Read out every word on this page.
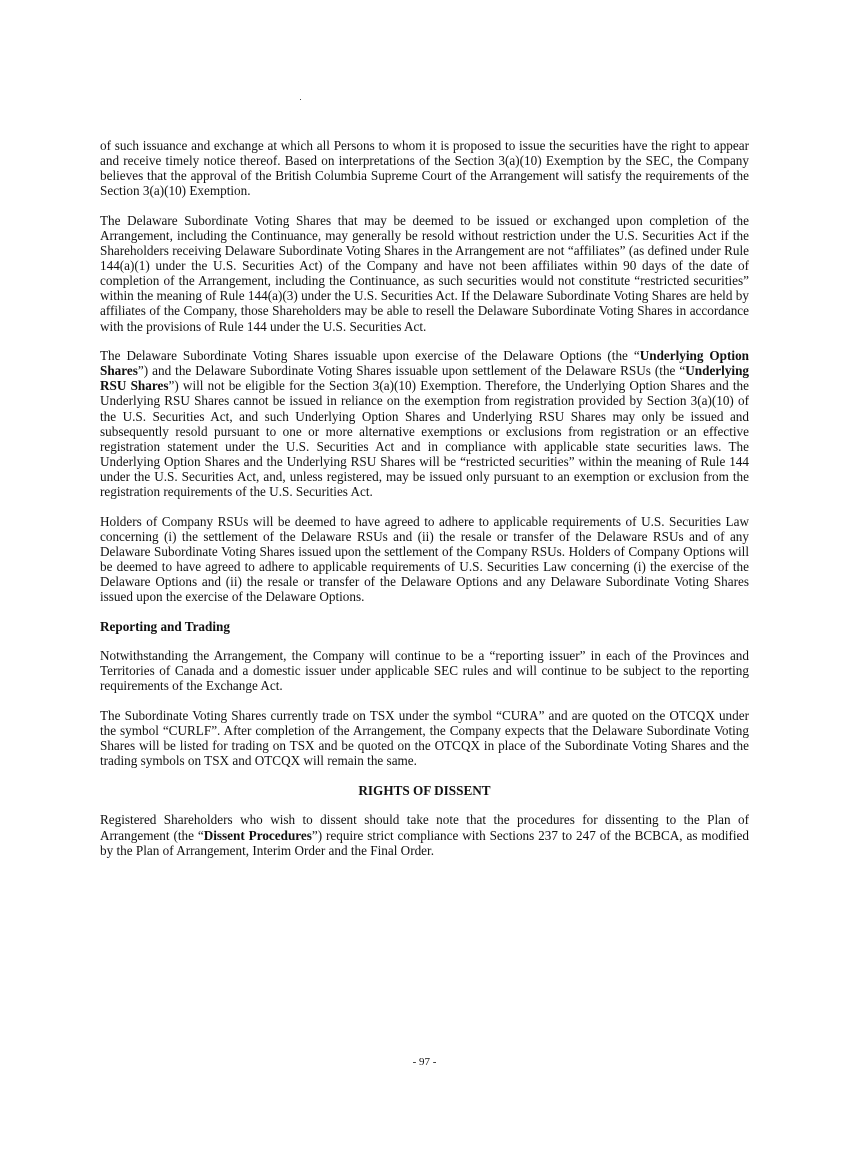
of such issuance and exchange at which all Persons to whom it is proposed to issue the securities have the right to appear and receive timely notice thereof. Based on interpretations of the Section 3(a)(10) Exemption by the SEC, the Company believes that the approval of the British Columbia Supreme Court of the Arrangement will satisfy the requirements of the Section 3(a)(10) Exemption.

The Delaware Subordinate Voting Shares that may be deemed to be issued or exchanged upon completion of the Arrangement, including the Continuance, may generally be resold without restriction under the U.S. Securities Act if the Shareholders receiving Delaware Subordinate Voting Shares in the Arrangement are not “affiliates” (as defined under Rule 144(a)(1) under the U.S. Securities Act) of the Company and have not been affiliates within 90 days of the date of completion of the Arrangement, including the Continuance, as such securities would not constitute “restricted securities” within the meaning of Rule 144(a)(3) under the U.S. Securities Act. If the Delaware Subordinate Voting Shares are held by affiliates of the Company, those Shareholders may be able to resell the Delaware Subordinate Voting Shares in accordance with the provisions of Rule 144 under the U.S. Securities Act.

The Delaware Subordinate Voting Shares issuable upon exercise of the Delaware Options (the “Underlying Option Shares”) and the Delaware Subordinate Voting Shares issuable upon settlement of the Delaware RSUs (the “Underlying RSU Shares”) will not be eligible for the Section 3(a)(10) Exemption. Therefore, the Underlying Option Shares and the Underlying RSU Shares cannot be issued in reliance on the exemption from registration provided by Section 3(a)(10) of the U.S. Securities Act, and such Underlying Option Shares and Underlying RSU Shares may only be issued and subsequently resold pursuant to one or more alternative exemptions or exclusions from registration or an effective registration statement under the U.S. Securities Act and in compliance with applicable state securities laws. The Underlying Option Shares and the Underlying RSU Shares will be “restricted securities” within the meaning of Rule 144 under the U.S. Securities Act, and, unless registered, may be issued only pursuant to an exemption or exclusion from the registration requirements of the U.S. Securities Act.

Holders of Company RSUs will be deemed to have agreed to adhere to applicable requirements of U.S. Securities Law concerning (i) the settlement of the Delaware RSUs and (ii) the resale or transfer of the Delaware RSUs and of any Delaware Subordinate Voting Shares issued upon the settlement of the Company RSUs. Holders of Company Options will be deemed to have agreed to adhere to applicable requirements of U.S. Securities Law concerning (i) the exercise of the Delaware Options and (ii) the resale or transfer of the Delaware Options and any Delaware Subordinate Voting Shares issued upon the exercise of the Delaware Options.

Reporting and Trading

Notwithstanding the Arrangement, the Company will continue to be a “reporting issuer” in each of the Provinces and Territories of Canada and a domestic issuer under applicable SEC rules and will continue to be subject to the reporting requirements of the Exchange Act.

The Subordinate Voting Shares currently trade on TSX under the symbol “CURA” and are quoted on the OTCQX under the symbol “CURLF”. After completion of the Arrangement, the Company expects that the Delaware Subordinate Voting Shares will be listed for trading on TSX and be quoted on the OTCQX in place of the Subordinate Voting Shares and the trading symbols on TSX and OTCQX will remain the same.

RIGHTS OF DISSENT

Registered Shareholders who wish to dissent should take note that the procedures for dissenting to the Plan of Arrangement (the “Dissent Procedures”) require strict compliance with Sections 237 to 247 of the BCBCA, as modified by the Plan of Arrangement, Interim Order and the Final Order.

- 97 -
